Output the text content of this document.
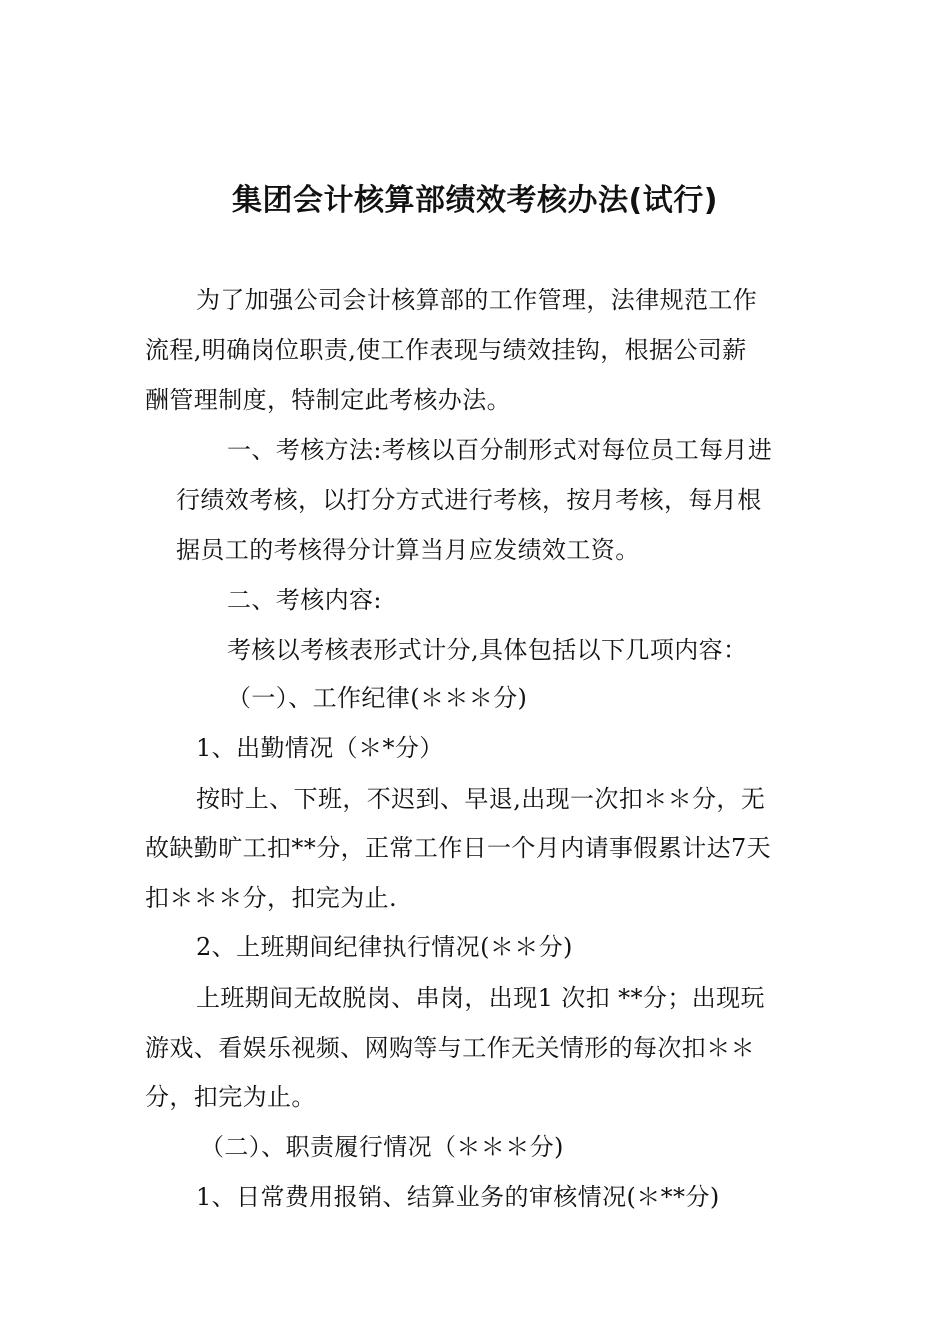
集团会计核算部绩效考核办法(试行)
为了加强公司会计核算部的工作管理，法律规范工作
流程,明确岗位职责,使工作表现与绩效挂钩，根据公司薪
酬管理制度，特制定此考核办法。
一、考核方法:考核以百分制形式对每位员工每月进
行绩效考核，以打分方式进行考核，按月考核，每月根
据员工的考核得分计算当月应发绩效工资。
二、考核内容:
考核以考核表形式计分,具体包括以下几项内容：
（一）、工作纪律(＊＊＊分)
1、出勤情况（＊*分）
按时上、下班，不迟到、早退,出现一次扣＊＊分，无
故缺勤旷工扣**分，正常工作日一个月内请事假累计达7天
扣＊＊＊分，扣完为止.
2、上班期间纪律执行情况(＊＊分)
上班期间无故脱岗、串岗，出现1 次扣 **分；出现玩
游戏、看娱乐视频、网购等与工作无关情形的每次扣＊＊
分，扣完为止。
（二）、职责履行情况（＊＊＊分)
1、日常费用报销、结算业务的审核情况(＊**分)
